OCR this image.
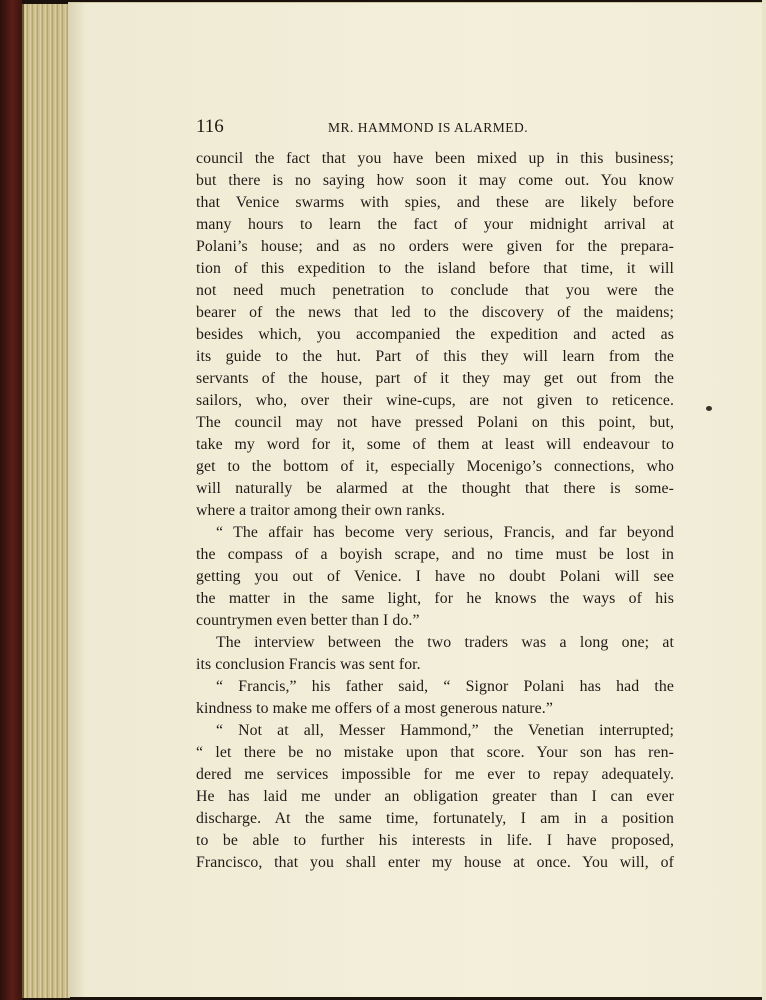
116	MR. HAMMOND IS ALARMED.
council the fact that you have been mixed up in this business;
but there is no saying how soon it may come out. You know
that Venice swarms with spies, and these are likely before
many hours to learn the fact of your midnight arrival at
Polani’s house; and as no orders were given for the prepara-
tion of this expedition to the island before that time, it will
not need much penetration to conclude that you were the
bearer of the news that led to the discovery of the maidens;
besides which, you accompanied the expedition and acted as
its guide to the hut. Part of this they will learn from the
servants of the house, part of it they may get out from the
sailors, who, over their wine-cups, are not given to reticence.
The council may not have pressed Polani on this point, but,
take my word for it, some of them at least will endeavour to
get to the bottom of it, especially Mocenigo’s connections, who
will naturally be alarmed at the thought that there is some-
where a traitor among their own ranks.
“ The affair has become very serious, Francis, and far beyond
the compass of a boyish scrape, and no time must be lost in
getting you out of Venice. I have no doubt Polani will see
the matter in the same light, for he knows the ways of his
countrymen even better than I do.”
The interview between the two traders was a long one; at
its conclusion Francis was sent for.
“ Francis,” his father said, “ Signor Polani has had the
kindness to make me offers of a most generous nature.”
“ Not at all, Messer Hammond,” the Venetian interrupted;
“ let there be no mistake upon that score. Your son has ren-
dered me services impossible for me ever to repay adequately.
He has laid me under an obligation greater than I can ever
discharge. At the same time, fortunately, I am in a position
to be able to further his interests in life. I have proposed,
Francisco, that you shall enter my house at once. You will, of
